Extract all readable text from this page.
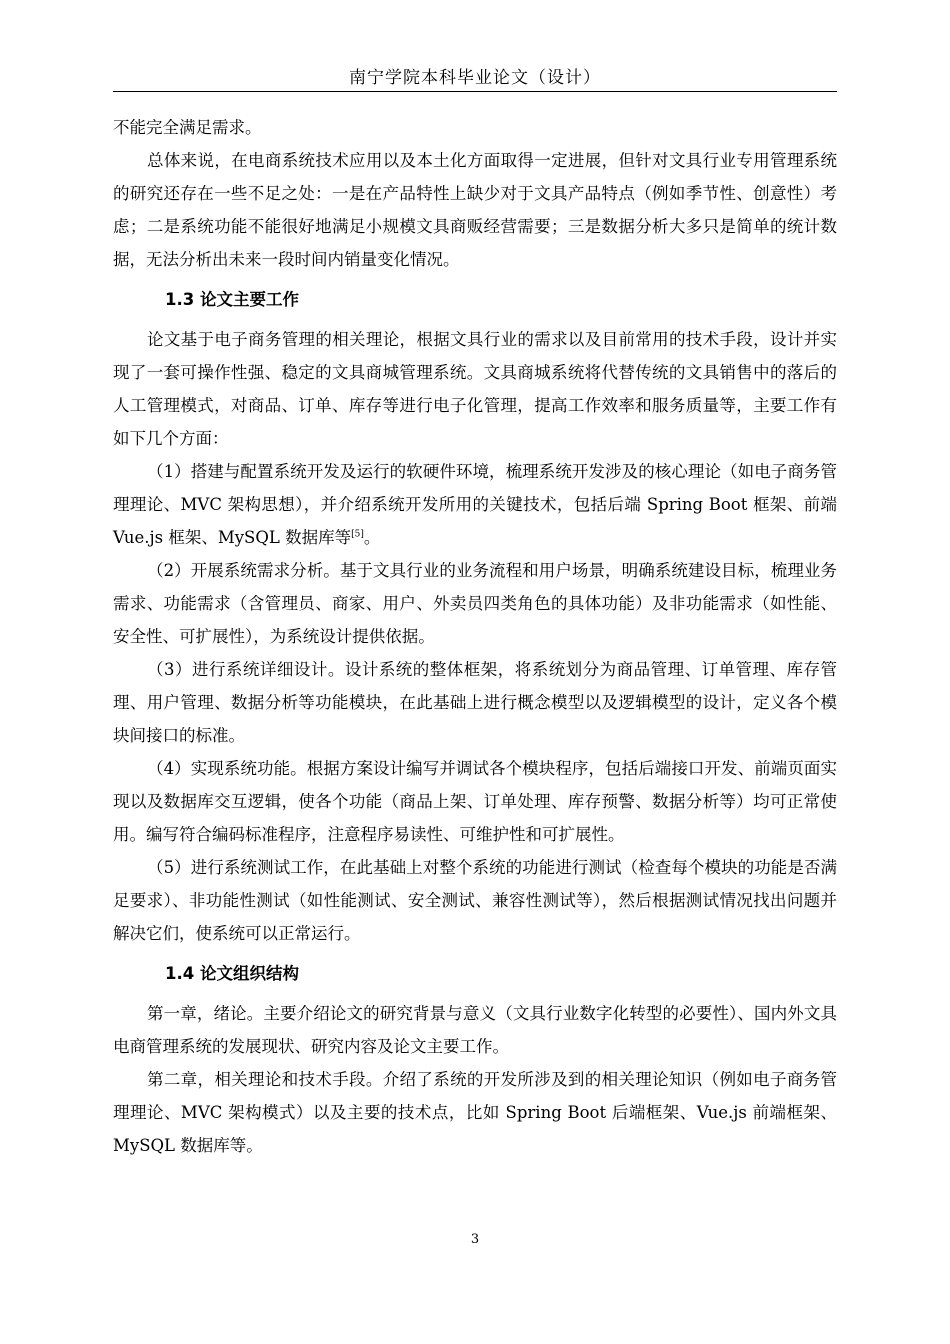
南宁学院本科毕业论文（设计）

不能完全满足需求。

总体来说，在电商系统技术应用以及本土化方面取得一定进展，但针对文具行业专用管理系统的研究还存在一些不足之处：一是在产品特性上缺少对于文具产品特点（例如季节性、创意性）考虑；二是系统功能不能很好地满足小规模文具商贩经营需要；三是数据分析大多只是简单的统计数据，无法分析出未来一段时间内销量变化情况。

1.3 论文主要工作

论文基于电子商务管理的相关理论，根据文具行业的需求以及目前常用的技术手段，设计并实现了一套可操作性强、稳定的文具商城管理系统。文具商城系统将代替传统的文具销售中的落后的人工管理模式，对商品、订单、库存等进行电子化管理，提高工作效率和服务质量等，主要工作有如下几个方面：

（1）搭建与配置系统开发及运行的软硬件环境，梳理系统开发涉及的核心理论（如电子商务管理理论、MVC 架构思想），并介绍系统开发所用的关键技术，包括后端 Spring Boot 框架、前端 Vue.js 框架、MySQL 数据库等[5]。

（2）开展系统需求分析。基于文具行业的业务流程和用户场景，明确系统建设目标，梳理业务需求、功能需求（含管理员、商家、用户、外卖员四类角色的具体功能）及非功能需求（如性能、安全性、可扩展性），为系统设计提供依据。

（3）进行系统详细设计。设计系统的整体框架，将系统划分为商品管理、订单管理、库存管理、用户管理、数据分析等功能模块，在此基础上进行概念模型以及逻辑模型的设计，定义各个模块间接口的标准。

（4）实现系统功能。根据方案设计编写并调试各个模块程序，包括后端接口开发、前端页面实现以及数据库交互逻辑，使各个功能（商品上架、订单处理、库存预警、数据分析等）均可正常使用。编写符合编码标准程序，注意程序易读性、可维护性和可扩展性。

（5）进行系统测试工作，在此基础上对整个系统的功能进行测试（检查每个模块的功能是否满足要求）、非功能性测试（如性能测试、安全测试、兼容性测试等），然后根据测试情况找出问题并解决它们，使系统可以正常运行。

1.4 论文组织结构

第一章，绪论。主要介绍论文的研究背景与意义（文具行业数字化转型的必要性）、国内外文具电商管理系统的发展现状、研究内容及论文主要工作。

第二章，相关理论和技术手段。介绍了系统的开发所涉及到的相关理论知识（例如电子商务管理理论、MVC 架构模式）以及主要的技术点，比如 Spring Boot 后端框架、Vue.js 前端框架、MySQL 数据库等。

3
